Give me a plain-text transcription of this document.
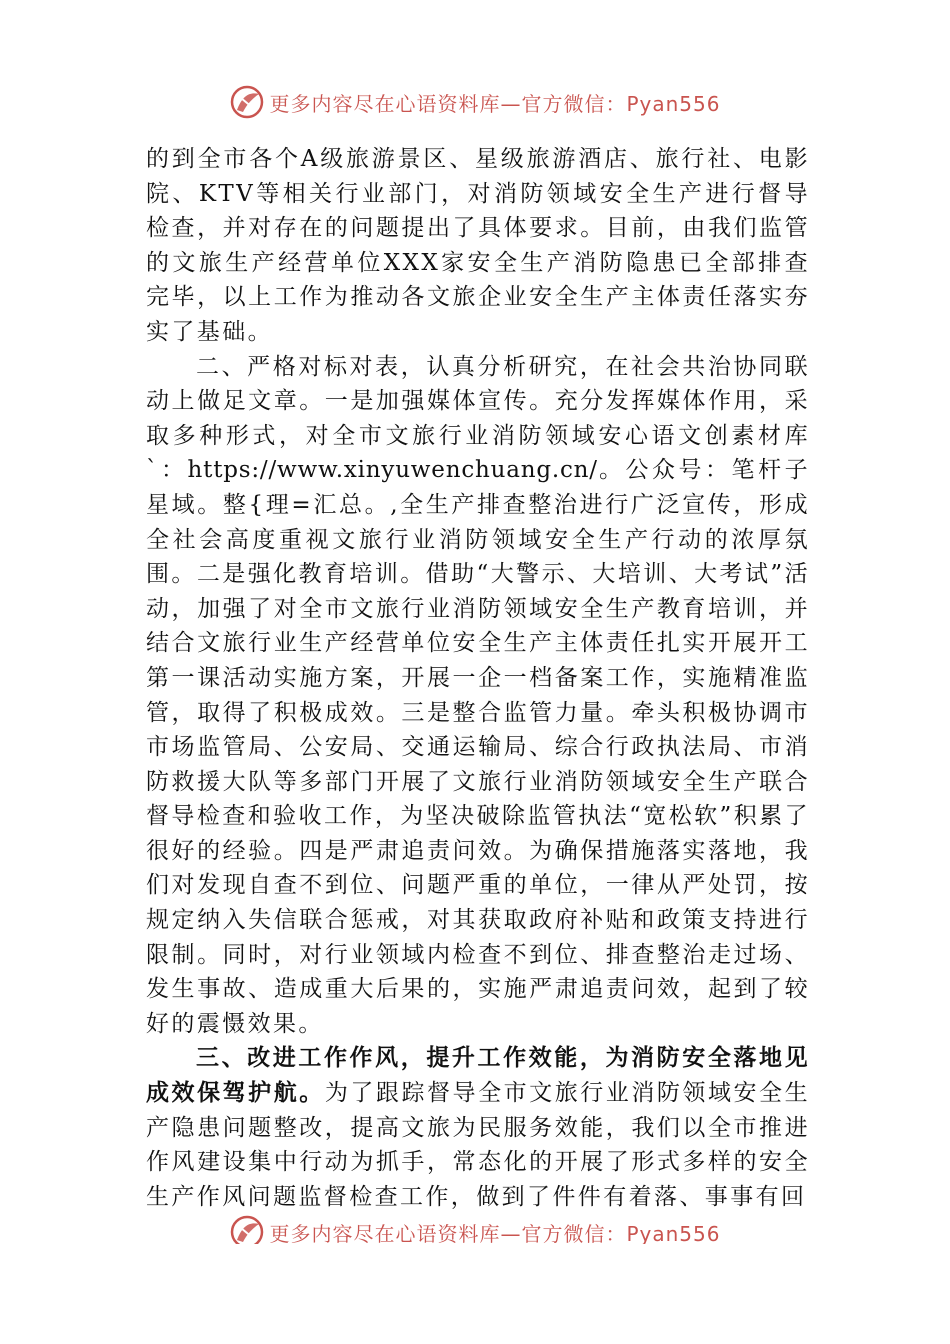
更多内容尽在心语资料库—官方微信：Pyan556

的到全市各个A级旅游景区、星级旅游酒店、旅行社、电影院、KTV等相关行业部门，对消防领域安全生产进行督导检查，并对存在的问题提出了具体要求。目前，由我们监管的文旅生产经营单位XXX家安全生产消防隐患已全部排查完毕，以上工作为推动各文旅企业安全生产主体责任落实夯实了基础。

二、严格对标对表，认真分析研究，在社会共治协同联动上做足文章。一是加强媒体宣传。充分发挥媒体作用，采取多种形式，对全市文旅行业消防领域安心语文创素材库`：https://www.xinyuwenchuang.cn/。公众号：笔杆子星域。整{理=汇总。,全生产排查整治进行广泛宣传，形成全社会高度重视文旅行业消防领域安全生产行动的浓厚氛围。二是强化教育培训。借助“大警示、大培训、大考试”活动，加强了对全市文旅行业消防领域安全生产教育培训，并结合文旅行业生产经营单位安全生产主体责任扎实开展开工第一课活动实施方案，开展一企一档备案工作，实施精准监管，取得了积极成效。三是整合监管力量。牵头积极协调市市场监管局、公安局、交通运输局、综合行政执法局、市消防救援大队等多部门开展了文旅行业消防领域安全生产联合督导检查和验收工作，为坚决破除监管执法“宽松软”积累了很好的经验。四是严肃追责问效。为确保措施落实落地，我们对发现自查不到位、问题严重的单位，一律从严处罚，按规定纳入失信联合惩戒，对其获取政府补贴和政策支持进行限制。同时，对行业领域内检查不到位、排查整治走过场、发生事故、造成重大后果的，实施严肃追责问效，起到了较好的震慑效果。

三、改进工作作风，提升工作效能，为消防安全落地见成效保驾护航。为了跟踪督导全市文旅行业消防领域安全生产隐患问题整改，提高文旅为民服务效能，我们以全市推进作风建设集中行动为抓手，常态化的开展了形式多样的安全生产作风问题监督检查工作，做到了件件有着落、事事有回

更多内容尽在心语资料库—官方微信：Pyan556
